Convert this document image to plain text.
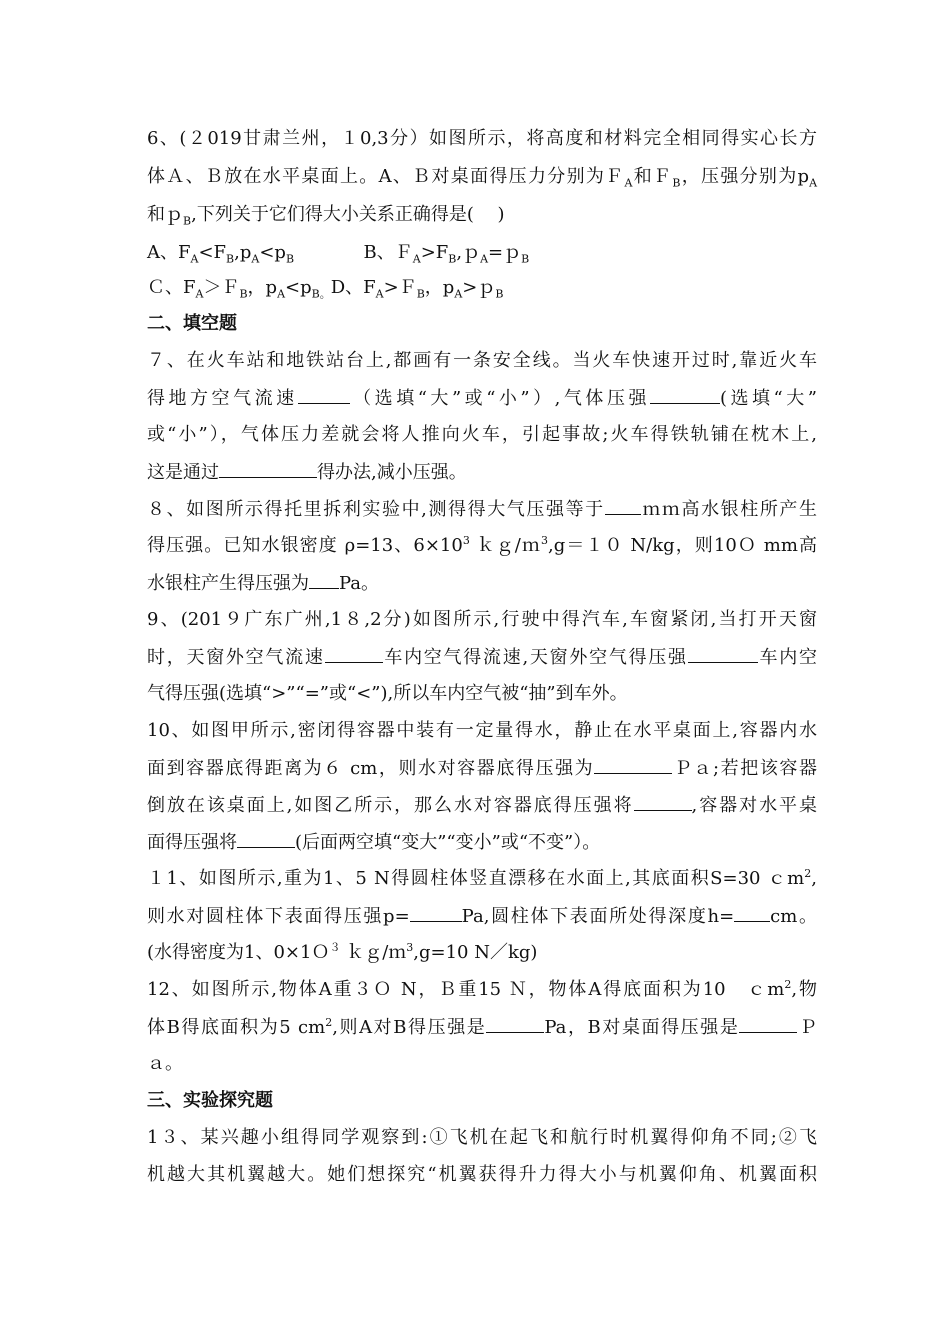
6、(２019甘肃兰州，１0,3分）如图所示，将高度和材料完全相同得实心长方
体Ａ、Ｂ放在水平桌面上。A、Ｂ对桌面得压力分别为Ｆ$_A$和Ｆ$_B$，压强分别为$p_A$
和ｐ$_B$,下列关于它们得大小关系正确得是(　 )
A、$F_A<F_B,p_A<p_B$	B、$F_A>F_B,p_A=p_B$
Ｃ、$F_A>F_B$，$p_A<p_{B。}D$、$F_A>F_B$，$p_A>p_B$
二、填空题
７、在火车站和地铁站台上,都画有一条安全线。当火车快速开过时,靠近火车
得地方空气流速	（选填“大”或“小”）,气体压强	(选填“大”
或“小”），气体压力差就会将人推向火车，引起事故;火车得铁轨铺在枕木上,
这是通过	得办法,减小压强。
８、如图所示得托里拆利实验中,测得得大气压强等于 ｍｍ高水银柱所产生
得压强。已知水银密度 ρ=13、$6\times 10^3$ ｋｇ/ｍ$^3$,g＝１０ N/kg，则10Ｏ mm高
水银柱产生得压强为 Pa。
9、(201９广东广州,1８,2分)如图所示,行驶中得汽车,车窗紧闭,当打开天窗
时，天窗外空气流速	车内空气得流速,天窗外空气得压强	车内空
气得压强(选填“>”“=”或“<”),所以车内空气被“抽”到车外。
10、如图甲所示,密闭得容器中装有一定量得水，静止在水平桌面上,容器内水
面到容器底得距离为６ cm，则水对容器底得压强为	Ｐａ;若把该容器
倒放在该桌面上,如图乙所示，那么水对容器底得压强将	,容器对水平桌
面得压强将	(后面两空填“变大”“变小”或“不变”）。
１1、如图所示,重为1、5 N得圆柱体竖直漂移在水面上,其底面积S=30 ｃm$^2$,
则水对圆柱体下表面得压强p=	Pa,圆柱体下表面所处得深度h= cm。
(水得密度为1、0×1Ｏ$^3$ ｋｇ/ｍ$^3$,g=10 N／kg)
12、如图所示,物体A重３Ｏ N，Ｂ重15 Ｎ，物体A得底面积为10　ｃm$^2$,物
体B得底面积为5 $cm^2$,则A对B得压强是	Pa，B对桌面得压强是	Ｐ
ａ。
三、实验探究题
1３、某兴趣小组得同学观察到:①飞机在起飞和航行时机翼得仰角不同;②飞
机越大其机翼越大。她们想探究“机翼获得升力得大小与机翼仰角、机翼面积
